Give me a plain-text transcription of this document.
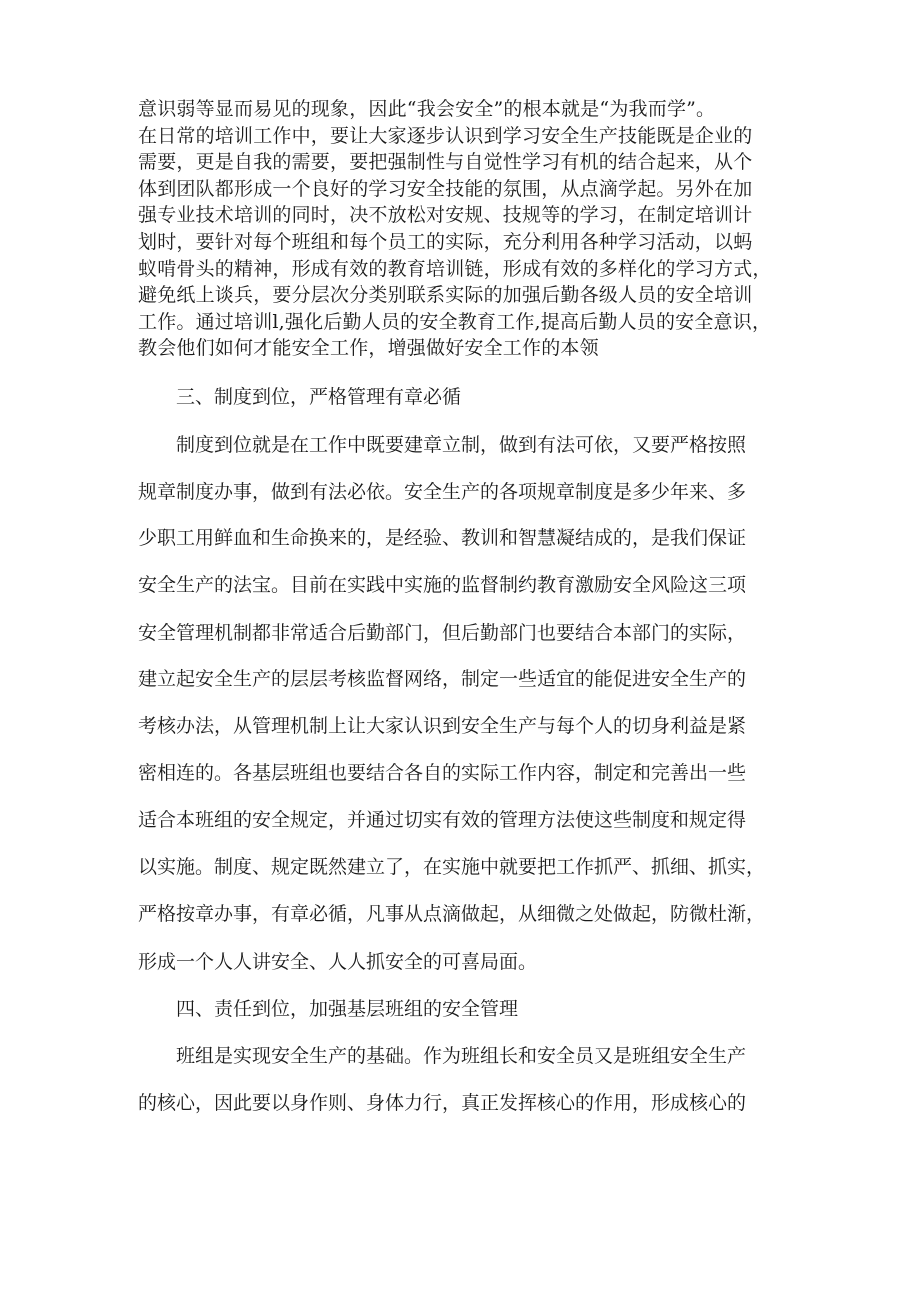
意识弱等显而易见的现象，因此“我会安全”的根本就是“为我而学”。
在日常的培训工作中，要让大家逐步认识到学习安全生产技能既是企业的
需要，更是自我的需要，要把强制性与自觉性学习有机的结合起来，从个
体到团队都形成一个良好的学习安全技能的氛围，从点滴学起。另外在加
强专业技术培训的同时，决不放松对安规、技规等的学习，在制定培训计
划时，要针对每个班组和每个员工的实际，充分利用各种学习活动，以蚂
蚁啃骨头的精神，形成有效的教育培训链，形成有效的多样化的学习方式，
避免纸上谈兵，要分层次分类别联系实际的加强后勤各级人员的安全培训
工作。通过培训l,强化后勤人员的安全教育工作,提高后勤人员的安全意识，
教会他们如何才能安全工作，增强做好安全工作的本领
三、制度到位，严格管理有章必循
制度到位就是在工作中既要建章立制，做到有法可依，又要严格按照
规章制度办事，做到有法必依。安全生产的各项规章制度是多少年来、多
少职工用鲜血和生命换来的，是经验、教训和智慧凝结成的，是我们保证
安全生产的法宝。目前在实践中实施的监督制约教育激励安全风险这三项
安全管理机制都非常适合后勤部门，但后勤部门也要结合本部门的实际，
建立起安全生产的层层考核监督网络，制定一些适宜的能促进安全生产的
考核办法，从管理机制上让大家认识到安全生产与每个人的切身利益是紧
密相连的。各基层班组也要结合各自的实际工作内容，制定和完善出一些
适合本班组的安全规定，并通过切实有效的管理方法使这些制度和规定得
以实施。制度、规定既然建立了，在实施中就要把工作抓严、抓细、抓实，
严格按章办事，有章必循，凡事从点滴做起，从细微之处做起，防微杜渐，
形成一个人人讲安全、人人抓安全的可喜局面。
四、责任到位，加强基层班组的安全管理
班组是实现安全生产的基础。作为班组长和安全员又是班组安全生产
的核心，因此要以身作则、身体力行，真正发挥核心的作用，形成核心的
